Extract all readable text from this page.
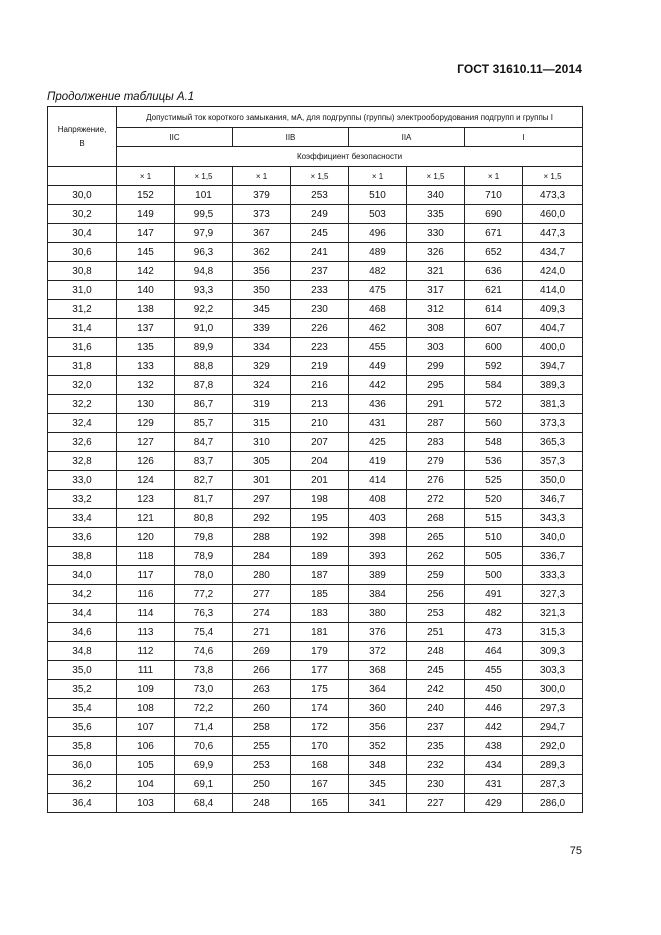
ГОСТ 31610.11—2014
Продолжение таблицы А.1
Напряжение,
В	Допустимый ток короткого замыкания, мА, для подгруппы (группы) электрооборудования подгрупп и группы I							
	IIC		IIB		IIA		I	
	Коэффициент безопасности							
	× 1	× 1,5	× 1	× 1,5	× 1	× 1,5	× 1	× 1,5
30,0	152	101	379	253	510	340	710	473,3
30,2	149	99,5	373	249	503	335	690	460,0
30,4	147	97,9	367	245	496	330	671	447,3
30,6	145	96,3	362	241	489	326	652	434,7
30,8	142	94,8	356	237	482	321	636	424,0
31,0	140	93,3	350	233	475	317	621	414,0
31,2	138	92,2	345	230	468	312	614	409,3
31,4	137	91,0	339	226	462	308	607	404,7
31,6	135	89,9	334	223	455	303	600	400,0
31,8	133	88,8	329	219	449	299	592	394,7
32,0	132	87,8	324	216	442	295	584	389,3
32,2	130	86,7	319	213	436	291	572	381,3
32,4	129	85,7	315	210	431	287	560	373,3
32,6	127	84,7	310	207	425	283	548	365,3
32,8	126	83,7	305	204	419	279	536	357,3
33,0	124	82,7	301	201	414	276	525	350,0
33,2	123	81,7	297	198	408	272	520	346,7
33,4	121	80,8	292	195	403	268	515	343,3
33,6	120	79,8	288	192	398	265	510	340,0
38,8	118	78,9	284	189	393	262	505	336,7
34,0	117	78,0	280	187	389	259	500	333,3
34,2	116	77,2	277	185	384	256	491	327,3
34,4	114	76,3	274	183	380	253	482	321,3
34,6	113	75,4	271	181	376	251	473	315,3
34,8	112	74,6	269	179	372	248	464	309,3
35,0	111	73,8	266	177	368	245	455	303,3
35,2	109	73,0	263	175	364	242	450	300,0
35,4	108	72,2	260	174	360	240	446	297,3
35,6	107	71,4	258	172	356	237	442	294,7
35,8	106	70,6	255	170	352	235	438	292,0
36,0	105	69,9	253	168	348	232	434	289,3
36,2	104	69,1	250	167	345	230	431	287,3
36,4	103	68,4	248	165	341	227	429	286,0
75
